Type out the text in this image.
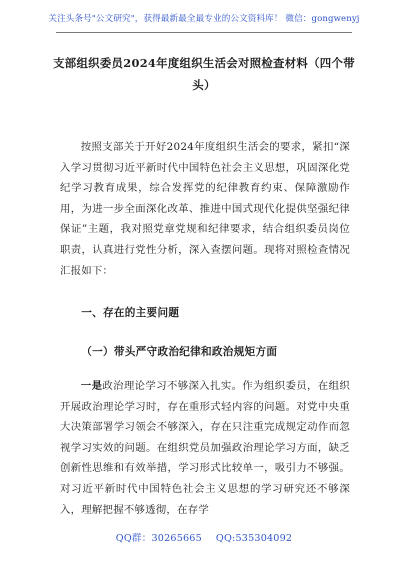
关注头条号"公文研究"，获得最新最全最专业的公文资料库！ 微信：gongwenyj
支部组织委员2024年度组织生活会对照检查材料（四个带头）

按照支部关于开好2024年度组织生活会的要求，紧扣“深入学习贯彻习近平新时代中国特色社会主义思想，巩固深化党纪学习教育成果，综合发挥党的纪律教育约束、保障激励作用，为进一步全面深化改革、推进中国式现代化提供坚强纪律保证”主题，我对照党章党规和纪律要求，结合组织委员岗位职责，认真进行党性分析，深入查摆问题。现将对照检查情况汇报如下：

一、存在的主要问题
（一）带头严守政治纪律和政治规矩方面

一是政治理论学习不够深入扎实。作为组织委员，在组织开展政治理论学习时，存在重形式轻内容的问题。对党中央重大决策部署学习领会不够深入，存在只注重完成规定动作而忽视学习实效的问题。在组织党员加强政治理论学习方面，缺乏创新性思维和有效举措，学习形式比较单一，吸引力不够强。对习近平新时代中国特色社会主义思想的学习研究还不够深入，理解把握不够透彻，在存学

QQ群：30265665 QQ:535304092
